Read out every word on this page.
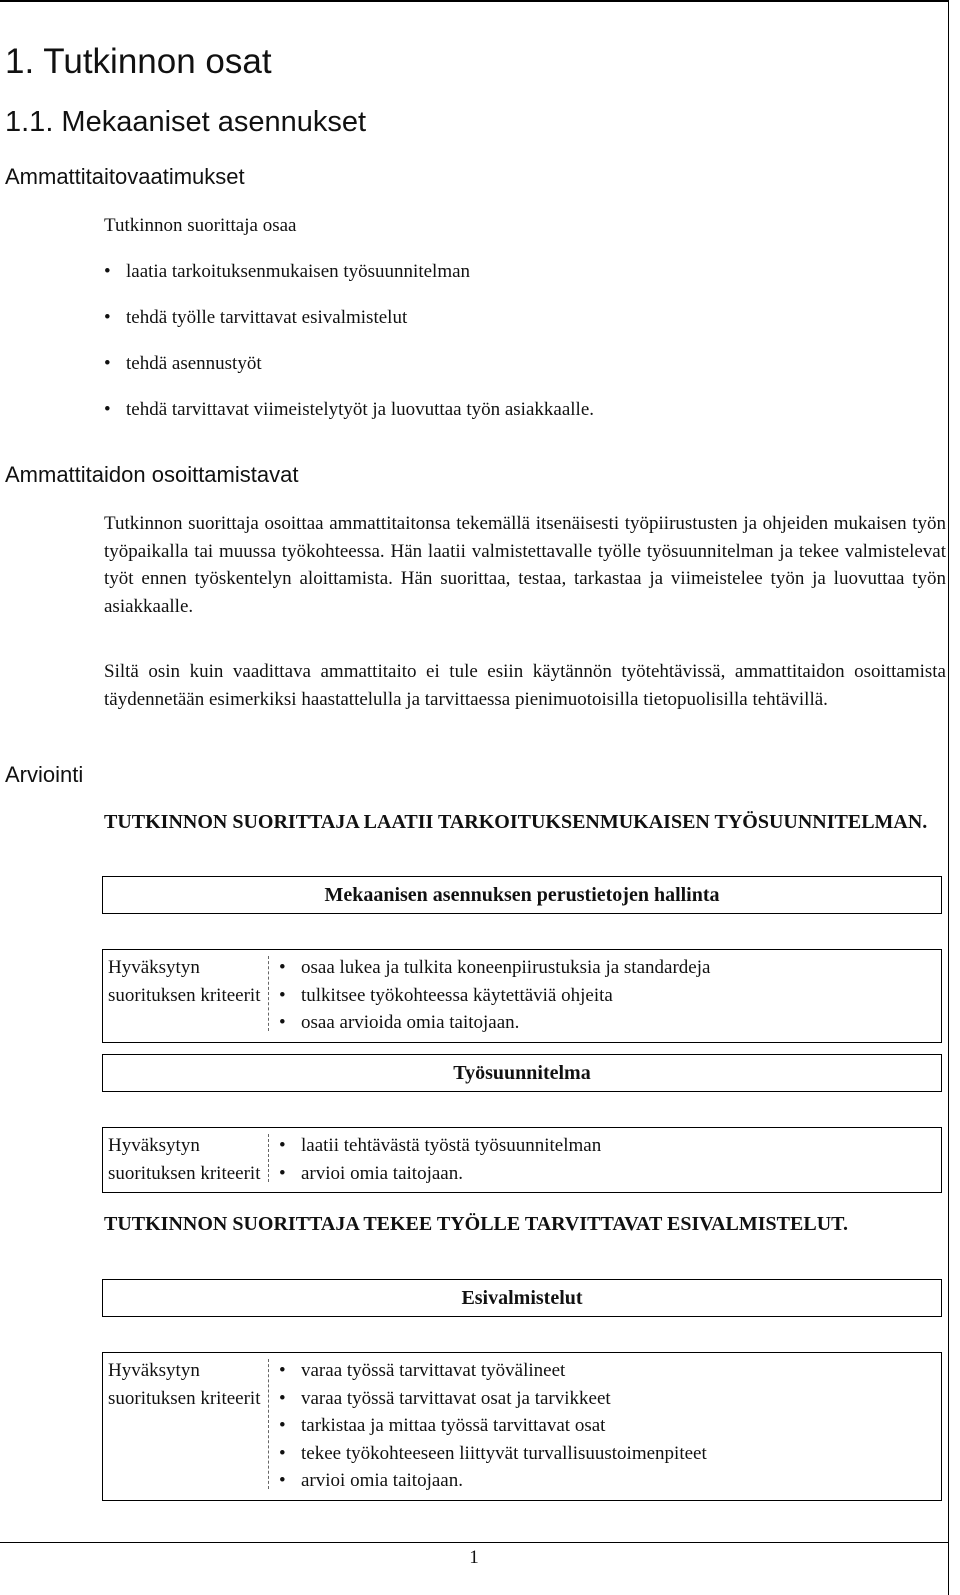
1. Tutkinnon osat
1.1. Mekaaniset asennukset
Ammattitaitovaatimukset

Tutkinnon suorittaja osaa

• laatia tarkoituksenmukaisen työsuunnitelman
• tehdä työlle tarvittavat esivalmistelut
• tehdä asennustyöt
• tehdä tarvittavat viimeistelytyöt ja luovuttaa työn asiakkaalle.
Ammattitaidon osoittamistavat

Tutkinnon suorittaja osoittaa ammattitaitonsa tekemällä itsenäisesti työpiirustusten ja ohjeiden mukaisen työn työpaikalla tai muussa työkohteessa. Hän laatii valmistettavalle työlle työsuunnitelman ja tekee valmistelevat työt ennen työskentelyn aloittamista. Hän suorittaa, testaa, tarkastaa ja viimeistelee työn ja luovuttaa työn asiakkaalle.

Siltä osin kuin vaadittava ammattitaito ei tule esiin käytännön työtehtävissä, ammattitaidon osoittamista täydennetään esimerkiksi haastattelulla ja tarvittaessa pienimuotoisilla tietopuolisilla tehtävillä.

Arviointi

TUTKINNON SUORITTAJA LAATII TARKOITUKSENMUKAISEN TYÖSUUNNITELMAN.

Mekaanisen asennuksen perustietojen hallinta
Hyväksytyn suorituksen kriteerit
• osaa lukea ja tulkita koneenpiirustuksia ja standardeja
• tulkitsee työkohteessa käytettäviä ohjeita
• osaa arvioida omia taitojaan.
Työsuunnitelma
Hyväksytyn suorituksen kriteerit
• laatii tehtävästä työstä työsuunnitelman
• arvioi omia taitojaan.

TUTKINNON SUORITTAJA TEKEE TYÖLLE TARVITTAVAT ESIVALMISTELUT.

Esivalmistelut
Hyväksytyn suorituksen kriteerit
• varaa työssä tarvittavat työvälineet
• varaa työssä tarvittavat osat ja tarvikkeet
• tarkistaa ja mittaa työssä tarvittavat osat
• tekee työkohteeseen liittyvät turvallisuustoimenpiteet
• arvioi omia taitojaan.
1
